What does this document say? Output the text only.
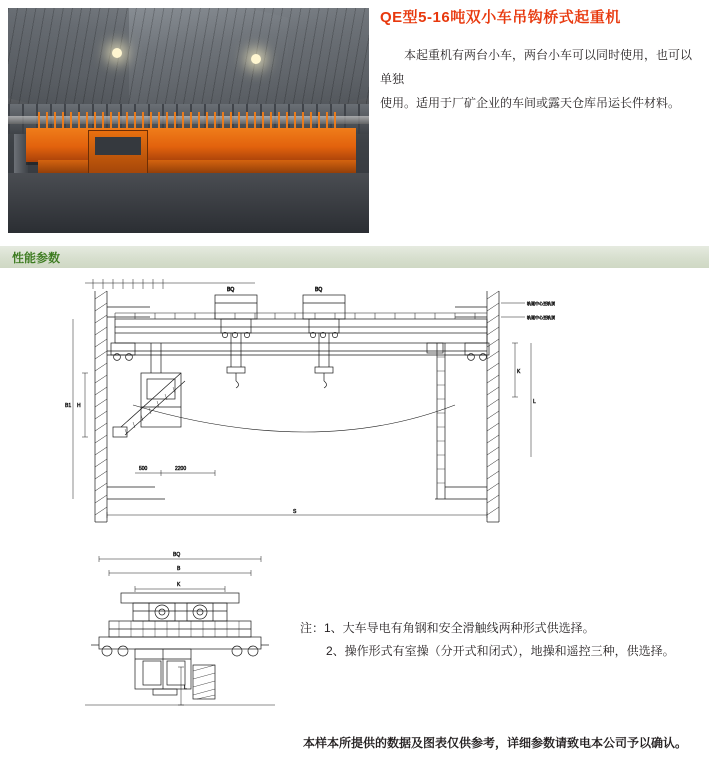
QE型5-16吨双小车吊钩桥式起重机

本起重机有两台小车，两台小车可以同时使用，也可以单独

使用。适用于厂矿企业的车间或露天仓库吊运长件材料。

性能参数
BQ	BQ
轨道中心至轨顶
轨道中心至轨顶
2200
500
H
B1
S
K
L
BQ
B
K
L
注：1、大车导电有角钢和安全滑触线两种形式供选择。
2、操作形式有室操（分开式和闭式），地操和遥控三种，供选择。
本样本所提供的数据及图表仅供参考，详细参数请致电本公司予以确认。
